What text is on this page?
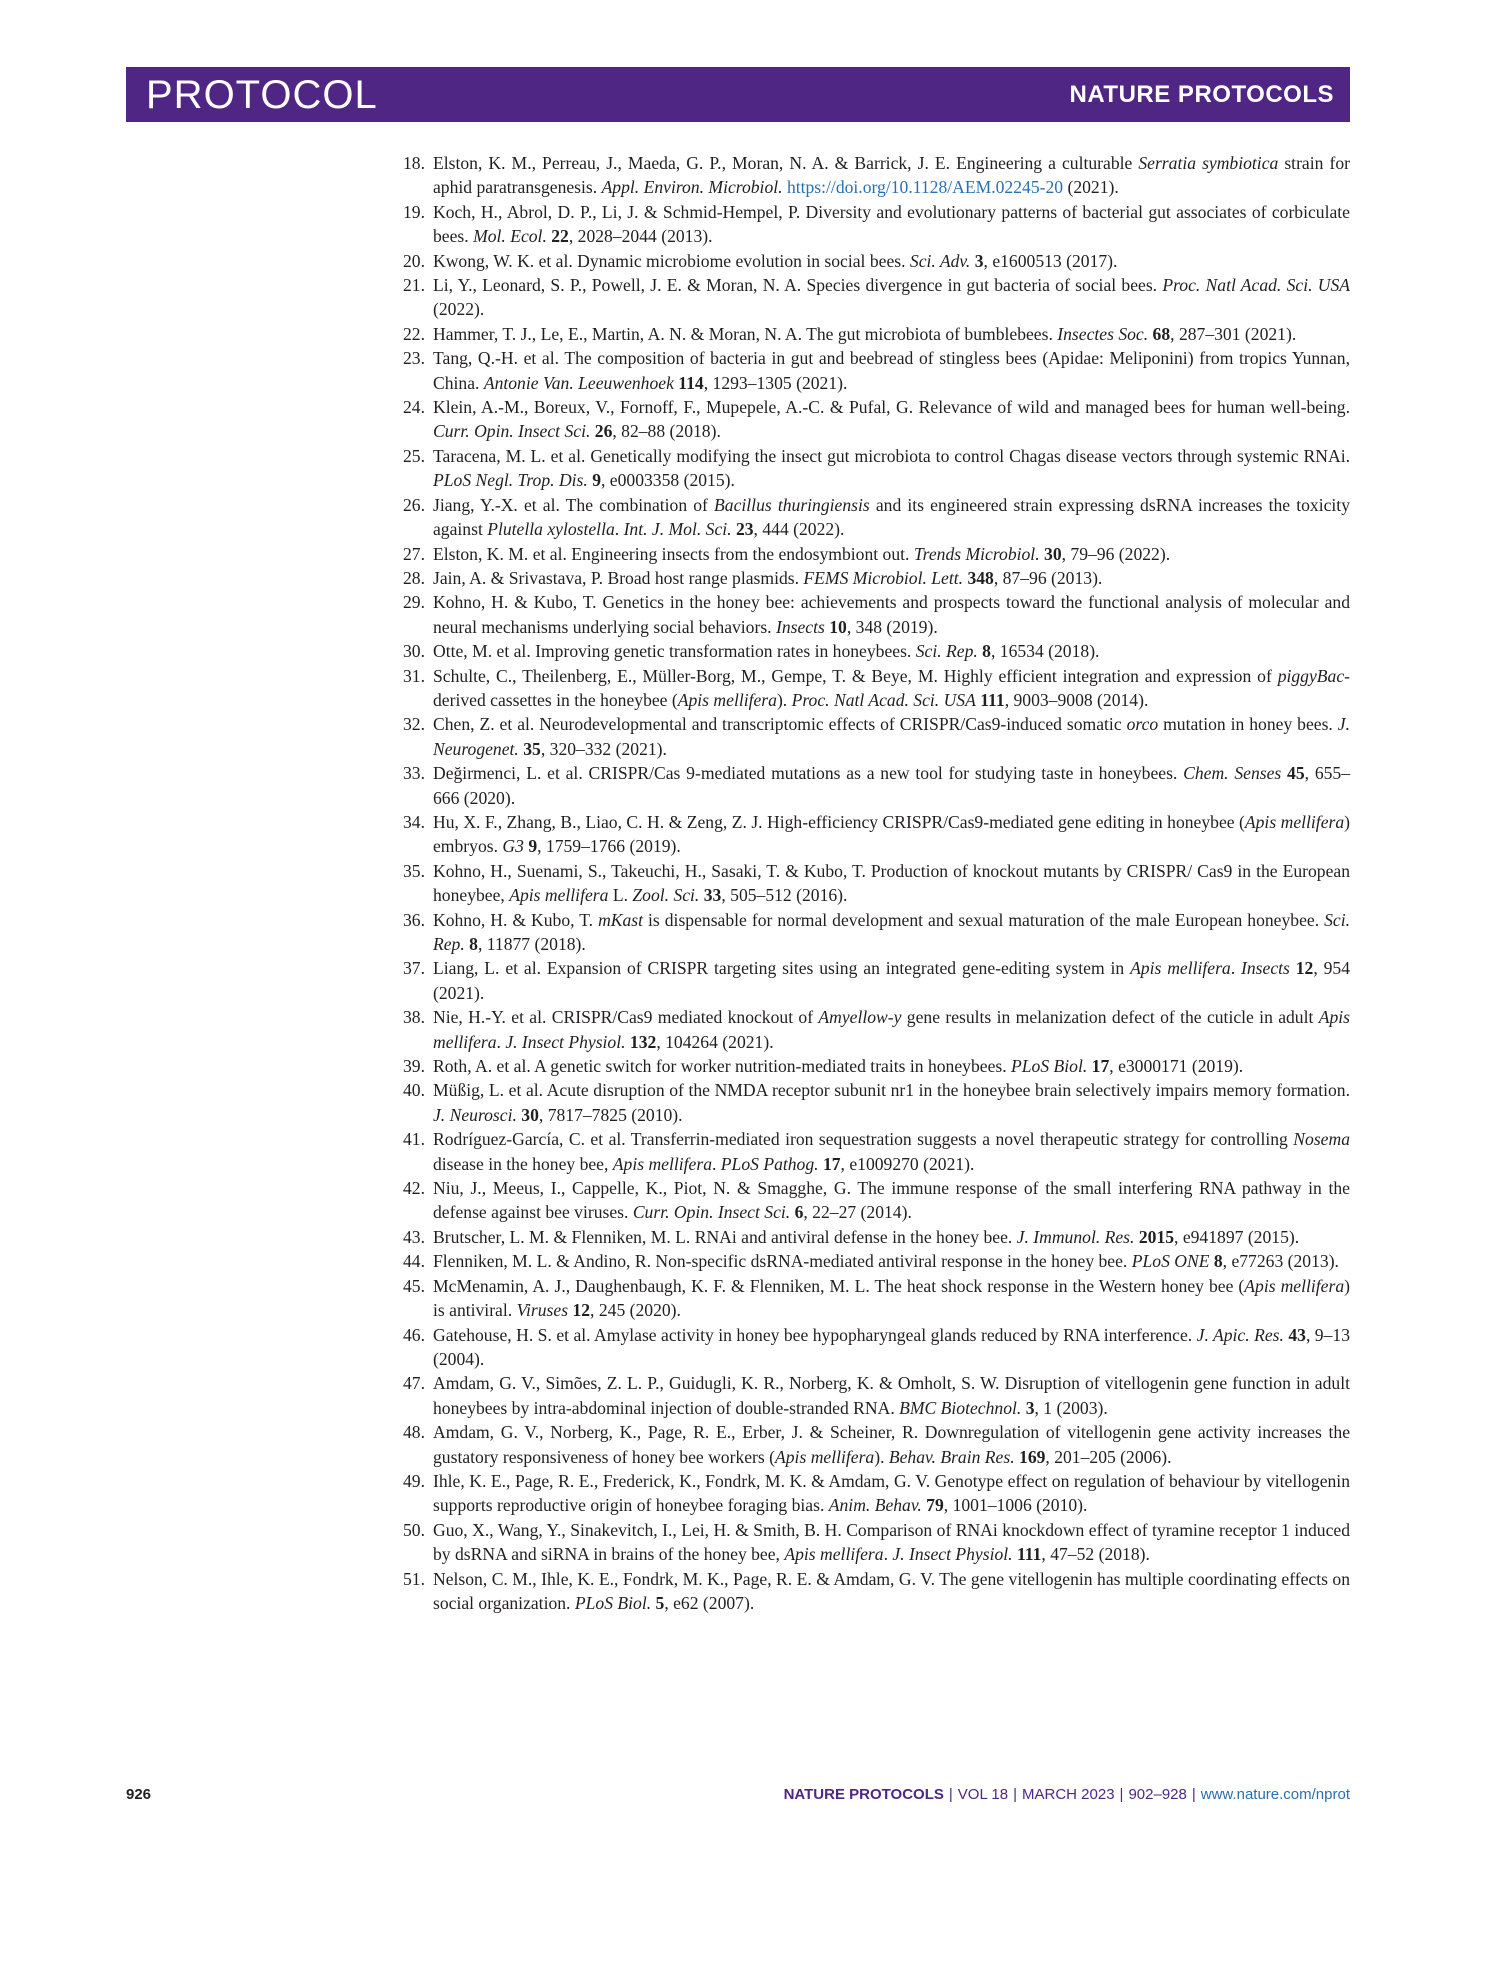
PROTOCOL	NATURE PROTOCOLS
18. Elston, K. M., Perreau, J., Maeda, G. P., Moran, N. A. & Barrick, J. E. Engineering a culturable Serratia symbiotica strain for aphid paratransgenesis. Appl. Environ. Microbiol. https://doi.org/10.1128/AEM.02245-20 (2021).
19. Koch, H., Abrol, D. P., Li, J. & Schmid-Hempel, P. Diversity and evolutionary patterns of bacterial gut associates of corbiculate bees. Mol. Ecol. 22, 2028–2044 (2013).
20. Kwong, W. K. et al. Dynamic microbiome evolution in social bees. Sci. Adv. 3, e1600513 (2017).
21. Li, Y., Leonard, S. P., Powell, J. E. & Moran, N. A. Species divergence in gut bacteria of social bees. Proc. Natl Acad. Sci. USA (2022).
22. Hammer, T. J., Le, E., Martin, A. N. & Moran, N. A. The gut microbiota of bumblebees. Insectes Soc. 68, 287–301 (2021).
23. Tang, Q.-H. et al. The composition of bacteria in gut and beebread of stingless bees (Apidae: Meliponini) from tropics Yunnan, China. Antonie Van. Leeuwenhoek 114, 1293–1305 (2021).
24. Klein, A.-M., Boreux, V., Fornoff, F., Mupepele, A.-C. & Pufal, G. Relevance of wild and managed bees for human well-being. Curr. Opin. Insect Sci. 26, 82–88 (2018).
25. Taracena, M. L. et al. Genetically modifying the insect gut microbiota to control Chagas disease vectors through systemic RNAi. PLoS Negl. Trop. Dis. 9, e0003358 (2015).
26. Jiang, Y.-X. et al. The combination of Bacillus thuringiensis and its engineered strain expressing dsRNA increases the toxicity against Plutella xylostella. Int. J. Mol. Sci. 23, 444 (2022).
27. Elston, K. M. et al. Engineering insects from the endosymbiont out. Trends Microbiol. 30, 79–96 (2022).
28. Jain, A. & Srivastava, P. Broad host range plasmids. FEMS Microbiol. Lett. 348, 87–96 (2013).
29. Kohno, H. & Kubo, T. Genetics in the honey bee: achievements and prospects toward the functional analysis of molecular and neural mechanisms underlying social behaviors. Insects 10, 348 (2019).
30. Otte, M. et al. Improving genetic transformation rates in honeybees. Sci. Rep. 8, 16534 (2018).
31. Schulte, C., Theilenberg, E., Müller-Borg, M., Gempe, T. & Beye, M. Highly efficient integration and expression of piggyBac-derived cassettes in the honeybee (Apis mellifera). Proc. Natl Acad. Sci. USA 111, 9003–9008 (2014).
32. Chen, Z. et al. Neurodevelopmental and transcriptomic effects of CRISPR/Cas9-induced somatic orco mutation in honey bees. J. Neurogenet. 35, 320–332 (2021).
33. Değirmenci, L. et al. CRISPR/Cas 9-mediated mutations as a new tool for studying taste in honeybees. Chem. Senses 45, 655–666 (2020).
34. Hu, X. F., Zhang, B., Liao, C. H. & Zeng, Z. J. High-efficiency CRISPR/Cas9-mediated gene editing in honeybee (Apis mellifera) embryos. G3 9, 1759–1766 (2019).
35. Kohno, H., Suenami, S., Takeuchi, H., Sasaki, T. & Kubo, T. Production of knockout mutants by CRISPR/ Cas9 in the European honeybee, Apis mellifera L. Zool. Sci. 33, 505–512 (2016).
36. Kohno, H. & Kubo, T. mKast is dispensable for normal development and sexual maturation of the male European honeybee. Sci. Rep. 8, 11877 (2018).
37. Liang, L. et al. Expansion of CRISPR targeting sites using an integrated gene-editing system in Apis mellifera. Insects 12, 954 (2021).
38. Nie, H.-Y. et al. CRISPR/Cas9 mediated knockout of Amyellow-y gene results in melanization defect of the cuticle in adult Apis mellifera. J. Insect Physiol. 132, 104264 (2021).
39. Roth, A. et al. A genetic switch for worker nutrition-mediated traits in honeybees. PLoS Biol. 17, e3000171 (2019).
40. Müßig, L. et al. Acute disruption of the NMDA receptor subunit nr1 in the honeybee brain selectively impairs memory formation. J. Neurosci. 30, 7817–7825 (2010).
41. Rodríguez-García, C. et al. Transferrin-mediated iron sequestration suggests a novel therapeutic strategy for controlling Nosema disease in the honey bee, Apis mellifera. PLoS Pathog. 17, e1009270 (2021).
42. Niu, J., Meeus, I., Cappelle, K., Piot, N. & Smagghe, G. The immune response of the small interfering RNA pathway in the defense against bee viruses. Curr. Opin. Insect Sci. 6, 22–27 (2014).
43. Brutscher, L. M. & Flenniken, M. L. RNAi and antiviral defense in the honey bee. J. Immunol. Res. 2015, e941897 (2015).
44. Flenniken, M. L. & Andino, R. Non-specific dsRNA-mediated antiviral response in the honey bee. PLoS ONE 8, e77263 (2013).
45. McMenamin, A. J., Daughenbaugh, K. F. & Flenniken, M. L. The heat shock response in the Western honey bee (Apis mellifera) is antiviral. Viruses 12, 245 (2020).
46. Gatehouse, H. S. et al. Amylase activity in honey bee hypopharyngeal glands reduced by RNA interference. J. Apic. Res. 43, 9–13 (2004).
47. Amdam, G. V., Simões, Z. L. P., Guidugli, K. R., Norberg, K. & Omholt, S. W. Disruption of vitellogenin gene function in adult honeybees by intra-abdominal injection of double-stranded RNA. BMC Biotechnol. 3, 1 (2003).
48. Amdam, G. V., Norberg, K., Page, R. E., Erber, J. & Scheiner, R. Downregulation of vitellogenin gene activity increases the gustatory responsiveness of honey bee workers (Apis mellifera). Behav. Brain Res. 169, 201–205 (2006).
49. Ihle, K. E., Page, R. E., Frederick, K., Fondrk, M. K. & Amdam, G. V. Genotype effect on regulation of behaviour by vitellogenin supports reproductive origin of honeybee foraging bias. Anim. Behav. 79, 1001–1006 (2010).
50. Guo, X., Wang, Y., Sinakevitch, I., Lei, H. & Smith, B. H. Comparison of RNAi knockdown effect of tyramine receptor 1 induced by dsRNA and siRNA in brains of the honey bee, Apis mellifera. J. Insect Physiol. 111, 47–52 (2018).
51. Nelson, C. M., Ihle, K. E., Fondrk, M. K., Page, R. E. & Amdam, G. V. The gene vitellogenin has multiple coordinating effects on social organization. PLoS Biol. 5, e62 (2007).
926	NATURE PROTOCOLS | VOL 18 | MARCH 2023 | 902–928 | www.nature.com/nprot
